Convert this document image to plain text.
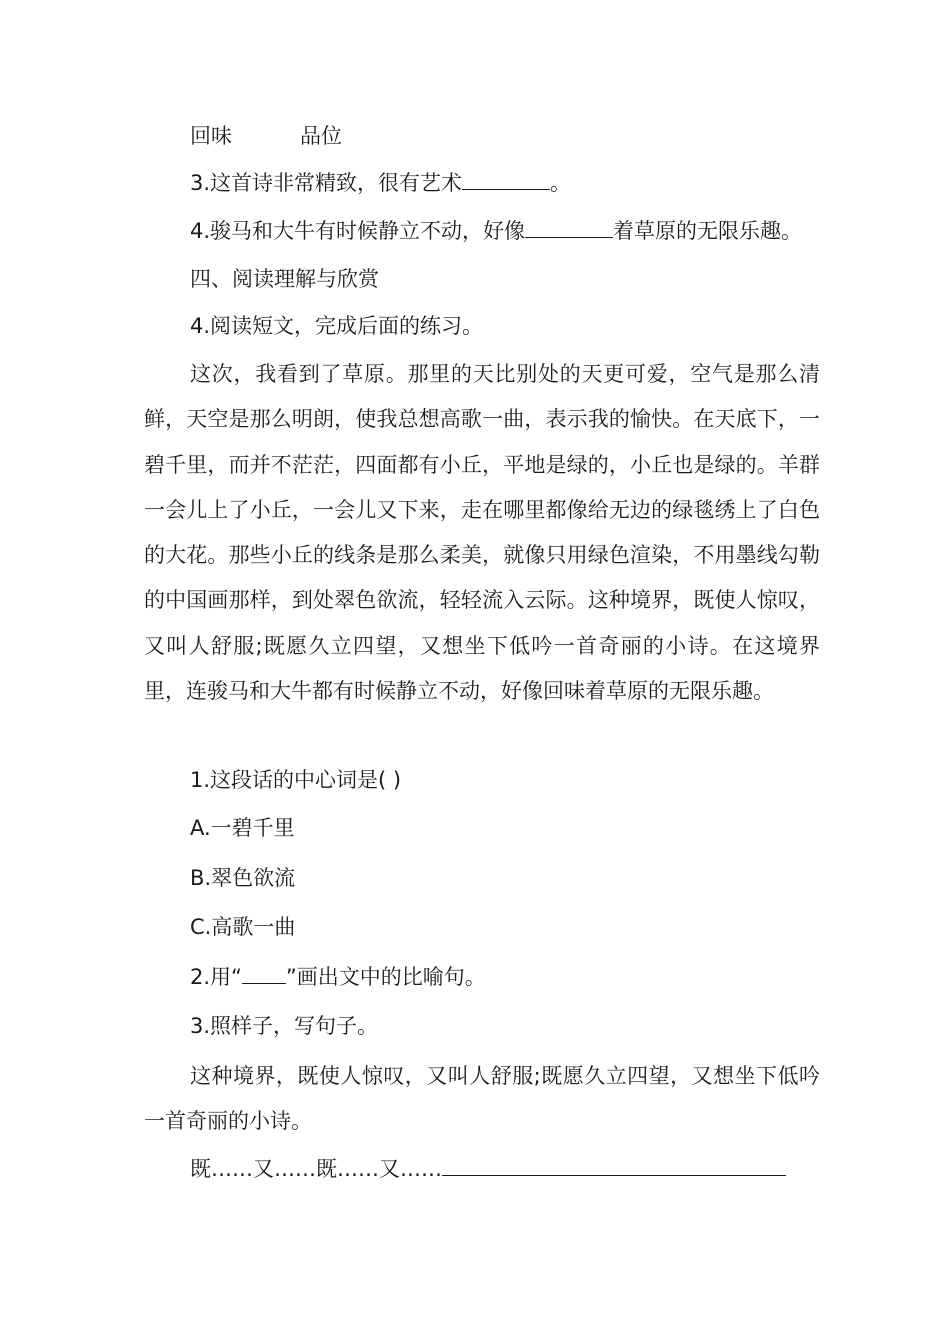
回味	品位
3.这首诗非常精致，很有艺术	。
4.骏马和大牛有时候静立不动，好像	着草原的无限乐趣。
四、阅读理解与欣赏
4.阅读短文，完成后面的练习。

这次，我看到了草原。那里的天比别处的天更可爱，空气是那么清鲜，天空是那么明朗，使我总想高歌一曲，表示我的愉快。在天底下，一碧千里，而并不茫茫，四面都有小丘，平地是绿的，小丘也是绿的。羊群一会儿上了小丘，一会儿又下来，走在哪里都像给无边的绿毯绣上了白色的大花。那些小丘的线条是那么柔美，就像只用绿色渲染，不用墨线勾勒的中国画那样，到处翠色欲流，轻轻流入云际。这种境界，既使人惊叹，又叫人舒服;既愿久立四望，又想坐下低吟一首奇丽的小诗。在这境界里，连骏马和大牛都有时候静立不动，好像回味着草原的无限乐趣。

1.这段话的中心词是( )
A.一碧千里
B.翠色欲流
C.高歌一曲
2.用“ ”画出文中的比喻句。
3.照样子，写句子。

这种境界，既使人惊叹，又叫人舒服;既愿久立四望，又想坐下低吟一首奇丽的小诗。

既……又……既……又……
